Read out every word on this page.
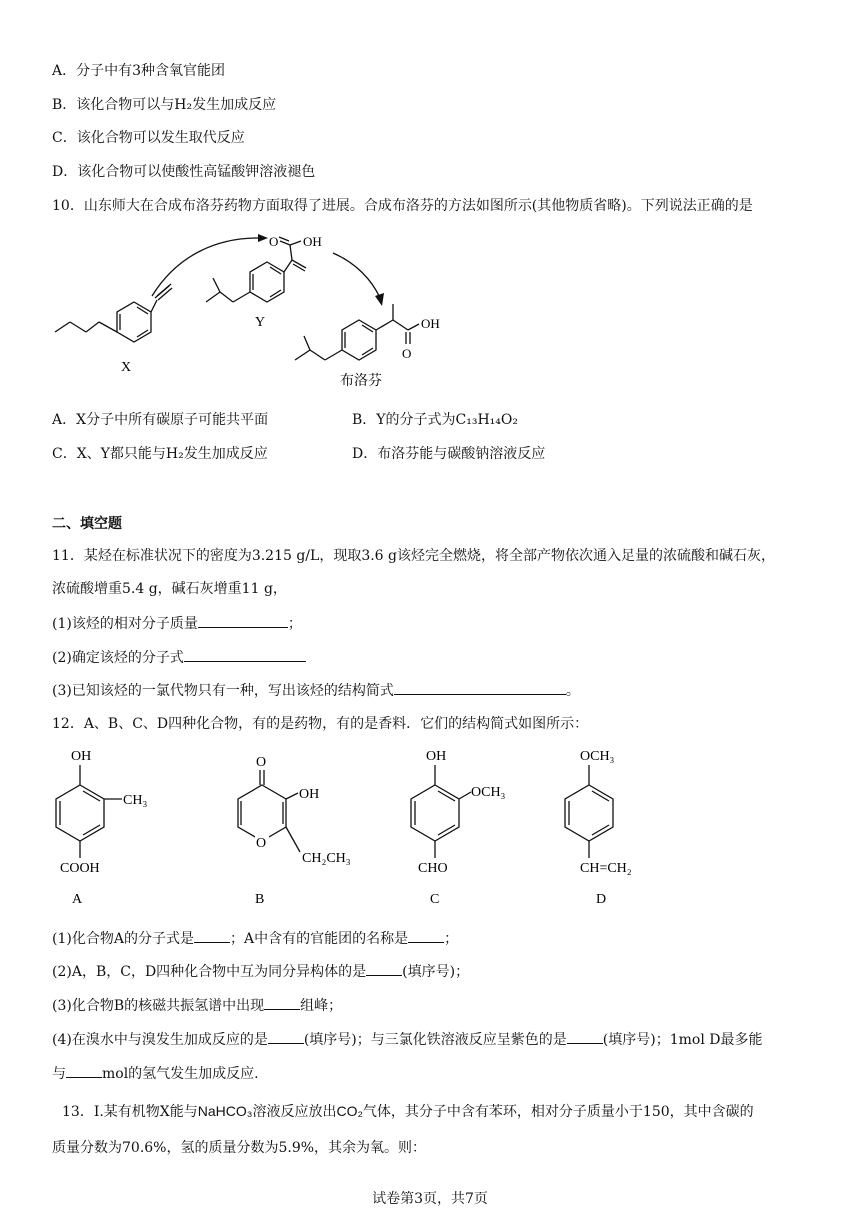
A．分子中有3种含氧官能团
B．该化合物可以与H₂发生加成反应
C．该化合物可以发生取代反应
D．该化合物可以使酸性高锰酸钾溶液褪色
10．山东师大在合成布洛芬药物方面取得了进展。合成布洛芬的方法如图所示(其他物质省略)。下列说法正确的是
X
Y
O OH
OH
O
布洛芬
A．X分子中所有碳原子可能共平面	B．Y的分子式为C₁₃H₁₄O₂
C．X、Y都只能与H₂发生加成反应	D．布洛芬能与碳酸钠溶液反应
二、填空题
11．某烃在标准状况下的密度为3.215 g/L，现取3.6 g该烃完全燃烧，将全部产物依次通入足量的浓硫酸和碱石灰，
浓硫酸增重5.4 g，碱石灰增重11 g，
(1)该烃的相对分子质量	；
(2)确定该烃的分子式
(3)已知该烃的一氯代物只有一种，写出该烃的结构简式	。
12．A、B、C、D四种化合物，有的是药物，有的是香料．它们的结构简式如图所示：
OH
CH₃
COOH
A
O
OH
O
CH₂CH₃
B
OH
OCH₃
CHO
C
OCH₃
CH=CH₂
D
(1)化合物A的分子式是	；A中含有的官能团的名称是	；
(2)A，B，C，D四种化合物中互为同分异构体的是	(填序号)；
(3)化合物B的核磁共振氢谱中出现	组峰；
(4)在溴水中与溴发生加成反应的是	(填序号)；与三氯化铁溶液反应呈紫色的是	(填序号)；1mol D最多能
与	mol的氢气发生加成反应.
13．Ⅰ.某有机物X能与NaHCO₃溶液反应放出CO₂气体，其分子中含有苯环，相对分子质量小于150，其中含碳的
质量分数为70.6%，氢的质量分数为5.9%，其余为氧。则：
试卷第3页，共7页
